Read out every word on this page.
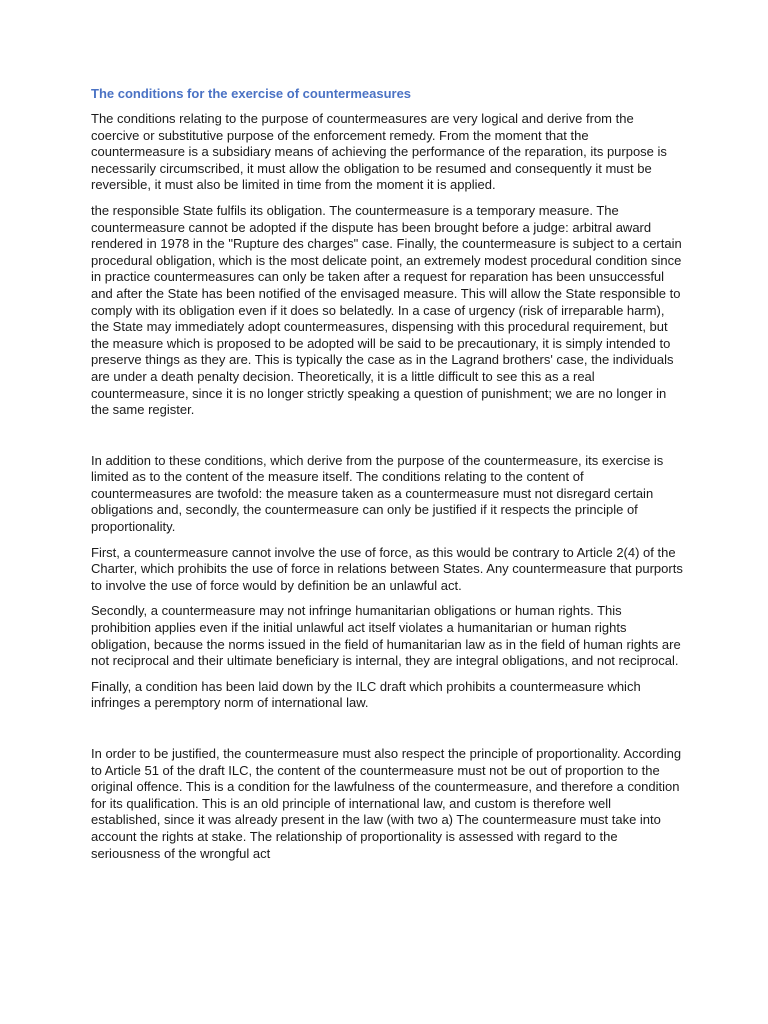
The conditions for the exercise of countermeasures

The conditions relating to the purpose of countermeasures are very logical and derive from the coercive or substitutive purpose of the enforcement remedy. From the moment that the countermeasure is a subsidiary means of achieving the performance of the reparation, its purpose is necessarily circumscribed, it must allow the obligation to be resumed and consequently it must be reversible, it must also be limited in time from the moment it is applied.

the responsible State fulfils its obligation. The countermeasure is a temporary measure. The countermeasure cannot be adopted if the dispute has been brought before a judge: arbitral award rendered in 1978 in the "Rupture des charges" case. Finally, the countermeasure is subject to a certain procedural obligation, which is the most delicate point, an extremely modest procedural condition since in practice countermeasures can only be taken after a request for reparation has been unsuccessful and after the State has been notified of the envisaged measure. This will allow the State responsible to comply with its obligation even if it does so belatedly. In a case of urgency (risk of irreparable harm), the State may immediately adopt countermeasures, dispensing with this procedural requirement, but the measure which is proposed to be adopted will be said to be precautionary, it is simply intended to preserve things as they are. This is typically the case as in the Lagrand brothers' case, the individuals are under a death penalty decision. Theoretically, it is a little difficult to see this as a real countermeasure, since it is no longer strictly speaking a question of punishment; we are no longer in the same register.

In addition to these conditions, which derive from the purpose of the countermeasure, its exercise is limited as to the content of the measure itself. The conditions relating to the content of countermeasures are twofold: the measure taken as a countermeasure must not disregard certain obligations and, secondly, the countermeasure can only be justified if it respects the principle of proportionality.

First, a countermeasure cannot involve the use of force, as this would be contrary to Article 2(4) of the Charter, which prohibits the use of force in relations between States. Any countermeasure that purports to involve the use of force would by definition be an unlawful act.

Secondly, a countermeasure may not infringe humanitarian obligations or human rights. This prohibition applies even if the initial unlawful act itself violates a humanitarian or human rights obligation, because the norms issued in the field of humanitarian law as in the field of human rights are not reciprocal and their ultimate beneficiary is internal, they are integral obligations, and not reciprocal.

Finally, a condition has been laid down by the ILC draft which prohibits a countermeasure which infringes a peremptory norm of international law.

In order to be justified, the countermeasure must also respect the principle of proportionality. According to Article 51 of the draft ILC, the content of the countermeasure must not be out of proportion to the original offence. This is a condition for the lawfulness of the countermeasure, and therefore a condition for its qualification. This is an old principle of international law, and custom is therefore well established, since it was already present in the law (with two a) The countermeasure must take into account the rights at stake. The relationship of proportionality is assessed with regard to the seriousness of the wrongful act
